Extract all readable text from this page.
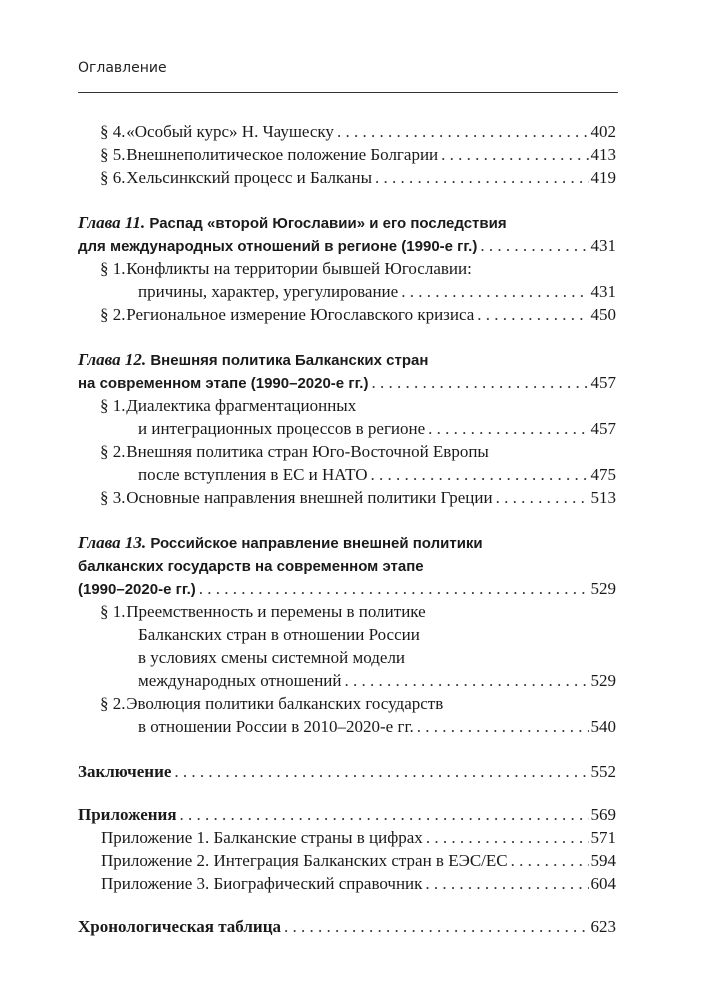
Оглавление
§ 4. «Особый курс» Н. Чаушеску . . .	402
§ 5. Внешнеполитическое положение Болгарии . . .	413
§ 6. Хельсинкский процесс и Балканы . . .	419
Глава 11. Распад «второй Югославии» и его последствия
для международных отношений в регионе (1990-е гг.) . . .	431
§ 1. Конфликты на территории бывшей Югославии:
причины, характер, урегулирование . . .	431
§ 2. Региональное измерение Югославского кризиса . . .	450
Глава 12. Внешняя политика Балканских стран
на современном этапе (1990–2020-е гг.) . . .	457
§ 1. Диалектика фрагментационных
и интеграционных процессов в регионе . . .	457
§ 2. Внешняя политика стран Юго-Восточной Европы
после вступления в ЕС и НАТО . . .	475
§ 3. Основные направления внешней политики Греции . . .	513
Глава 13. Российское направление внешней политики
балканских государств на современном этапе
(1990–2020-е гг.) . . .	529
§ 1. Преемственность и перемены в политике
Балканских стран в отношении России
в условиях смены системной модели
международных отношений . . .	529
§ 2. Эволюция политики балканских государств
в отношении России в 2010–2020-е гг. . . .	540
Заключение . . .	552
Приложения . . .	569
Приложение 1. Балканские страны в цифрах . . .	571
Приложение 2. Интеграция Балканских стран в ЕЭС/ЕС . . .	594
Приложение 3. Биографический справочник . . .	604
Хронологическая таблица . . .	623
